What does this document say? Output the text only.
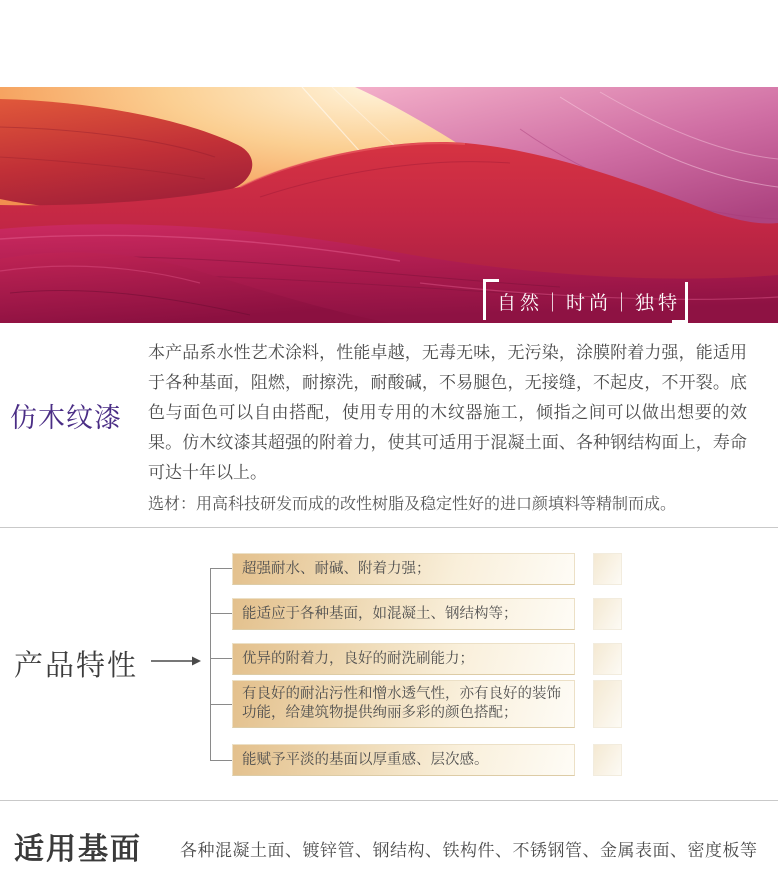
自然｜时尚｜独特
仿木纹漆
本产品系水性艺术涂料，性能卓越，无毒无味，无污染，涂膜附着力强，能适用于各种基面，阻燃，耐擦洗，耐酸碱，不易腿色，无接缝，不起皮，不开裂。底色与面色可以自由搭配，使用专用的木纹器施工，倾指之间可以做出想要的效果。仿木纹漆其超强的附着力，使其可适用于混凝土面、各种钢结构面上，寿命可达十年以上。
选材：用高科技研发而成的改性树脂及稳定性好的进口颜填料等精制而成。
产品特性
超强耐水、耐碱、附着力强；
能适应于各种基面，如混凝土、钢结构等；
优异的附着力，良好的耐洗刷能力；
有良好的耐沾污性和憎水透气性，亦有良好的装饰功能，给建筑物提供绚丽多彩的颜色搭配；
能赋予平淡的基面以厚重感、层次感。
适用基面 各种混凝土面、镀锌管、钢结构、铁构件、不锈钢管、金属表面、密度板等
